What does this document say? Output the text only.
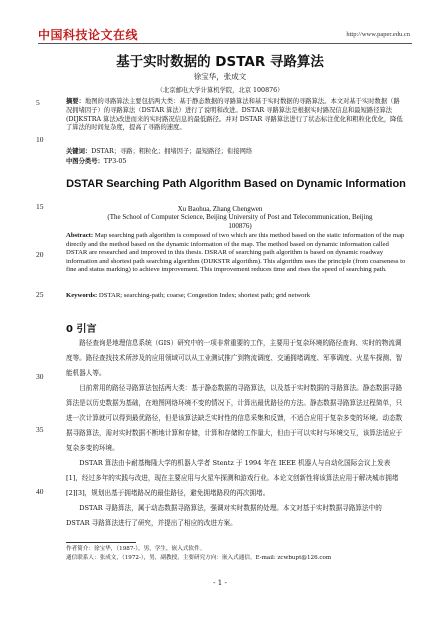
中国科技论文在线	http://www.paper.edu.cn
基于实时数据的 DSTAR 寻路算法
徐宝华，张成文
（北京邮电大学计算机学院，北京 100876）
5	摘要：地图的寻路算法主要包括两大类：基于静态数据的寻路算法和基于实时数据的寻路算法。本文对基于实时数据（路况拥堵因子）的寻路算法（DSTAR 算法）进行了说明和改进。DSTAR 寻路算法是根据实时路况信息和最短路径算法(DIJKSTRA 算法)改进而来的实时路况信息的最低路径。并对 DSTAR 寻路算法进行了状态标注优化和粗粒化优化，降低了算法的时间复杂度，提高了寻路的速度。
10
关键词：DSTAR；寻路；粗粒化；拥堵因子；最短路径；衔接网络
中图分类号：TP3-05
DSTAR Searching Path Algorithm Based on Dynamic Information
15	Xu Baohua, Zhang Chengwen
(The School of Computer Science, Beijing University of Post and Telecommunication, Beijing 100876)
Abstract: Map searching path algorithm is composed of two which are this method based on the static information of the map directly and the method based on the dynamic information of the map. The method based on dynamic information called DSTAR are researched and improved in this thesis. DSRAR of searching path algorithm is based on dynamic roadway information and shortest path searching algorithm (DIJKSTR algorithm). This algorithm uses the principle (from coarseness to fine and status marking) to achieve improvement. This improvement reduces time and rises the speed of searching path.
20
25	Keywords: DSTAR; searching-path; coarse; Congestion Index; shortest path; grid network
0 引言

路径查询是地理信息系统（GIS）研究中的一项非常重要的工作，主要用于复杂环境的路径查询、实时的物流调度等。路径查找技术所涉及的应用领域可以从工业测试推广到物流调度、交通拥堵调度、军事调度、火星车探测、智能机器人等。

目前常用的路径寻路算法包括两大类：基于静态数据的寻路算法，以及基于实时数据的寻路算法。静态数据寻路算法是以历史数据为基础，在地图网络环境不变的情况下，计算出最优路径的方法。静态数据寻路算法过程简单，只进一次计算就可以得到最优路径，但是该算法缺乏实时性的信息采集和反馈，不适合应用于复杂多变的环境。动态数据寻路算法，需对实时数据不断地计算和存储，计算和存储的工作量大，但由于可以实时与环境交互，该算法适应于复杂多变的环境。

DSTAR 算法由卡耐基梅隆大学的机器人学者 Stentz 于 1994 年在 IEEE 机器人与自动化国际会议上发表[1]，经过多年的实践与改进，现在主要应用与火星车探测和游戏行业。本论文创新性将该算法应用于解决城市拥堵[2][3]，规划出基于拥堵路况的最佳路径，避免拥堵路段的再次拥堵。

DSTAR 寻路算法，属于动态数据寻路算法，强调对实时数据的处理。本文对基于实时数据寻路算法中的 DSTAR 寻路算法进行了研究，并提出了相应的改进方案。

30
35
40
作者简介：徐宝华，（1987-），男，学生，嵌入式软件。
通信联系人：张成文，（1972-），男，副教授，主要研究方向：嵌入式通信。E-mail: zcwbupt@126.com
- 1 -
